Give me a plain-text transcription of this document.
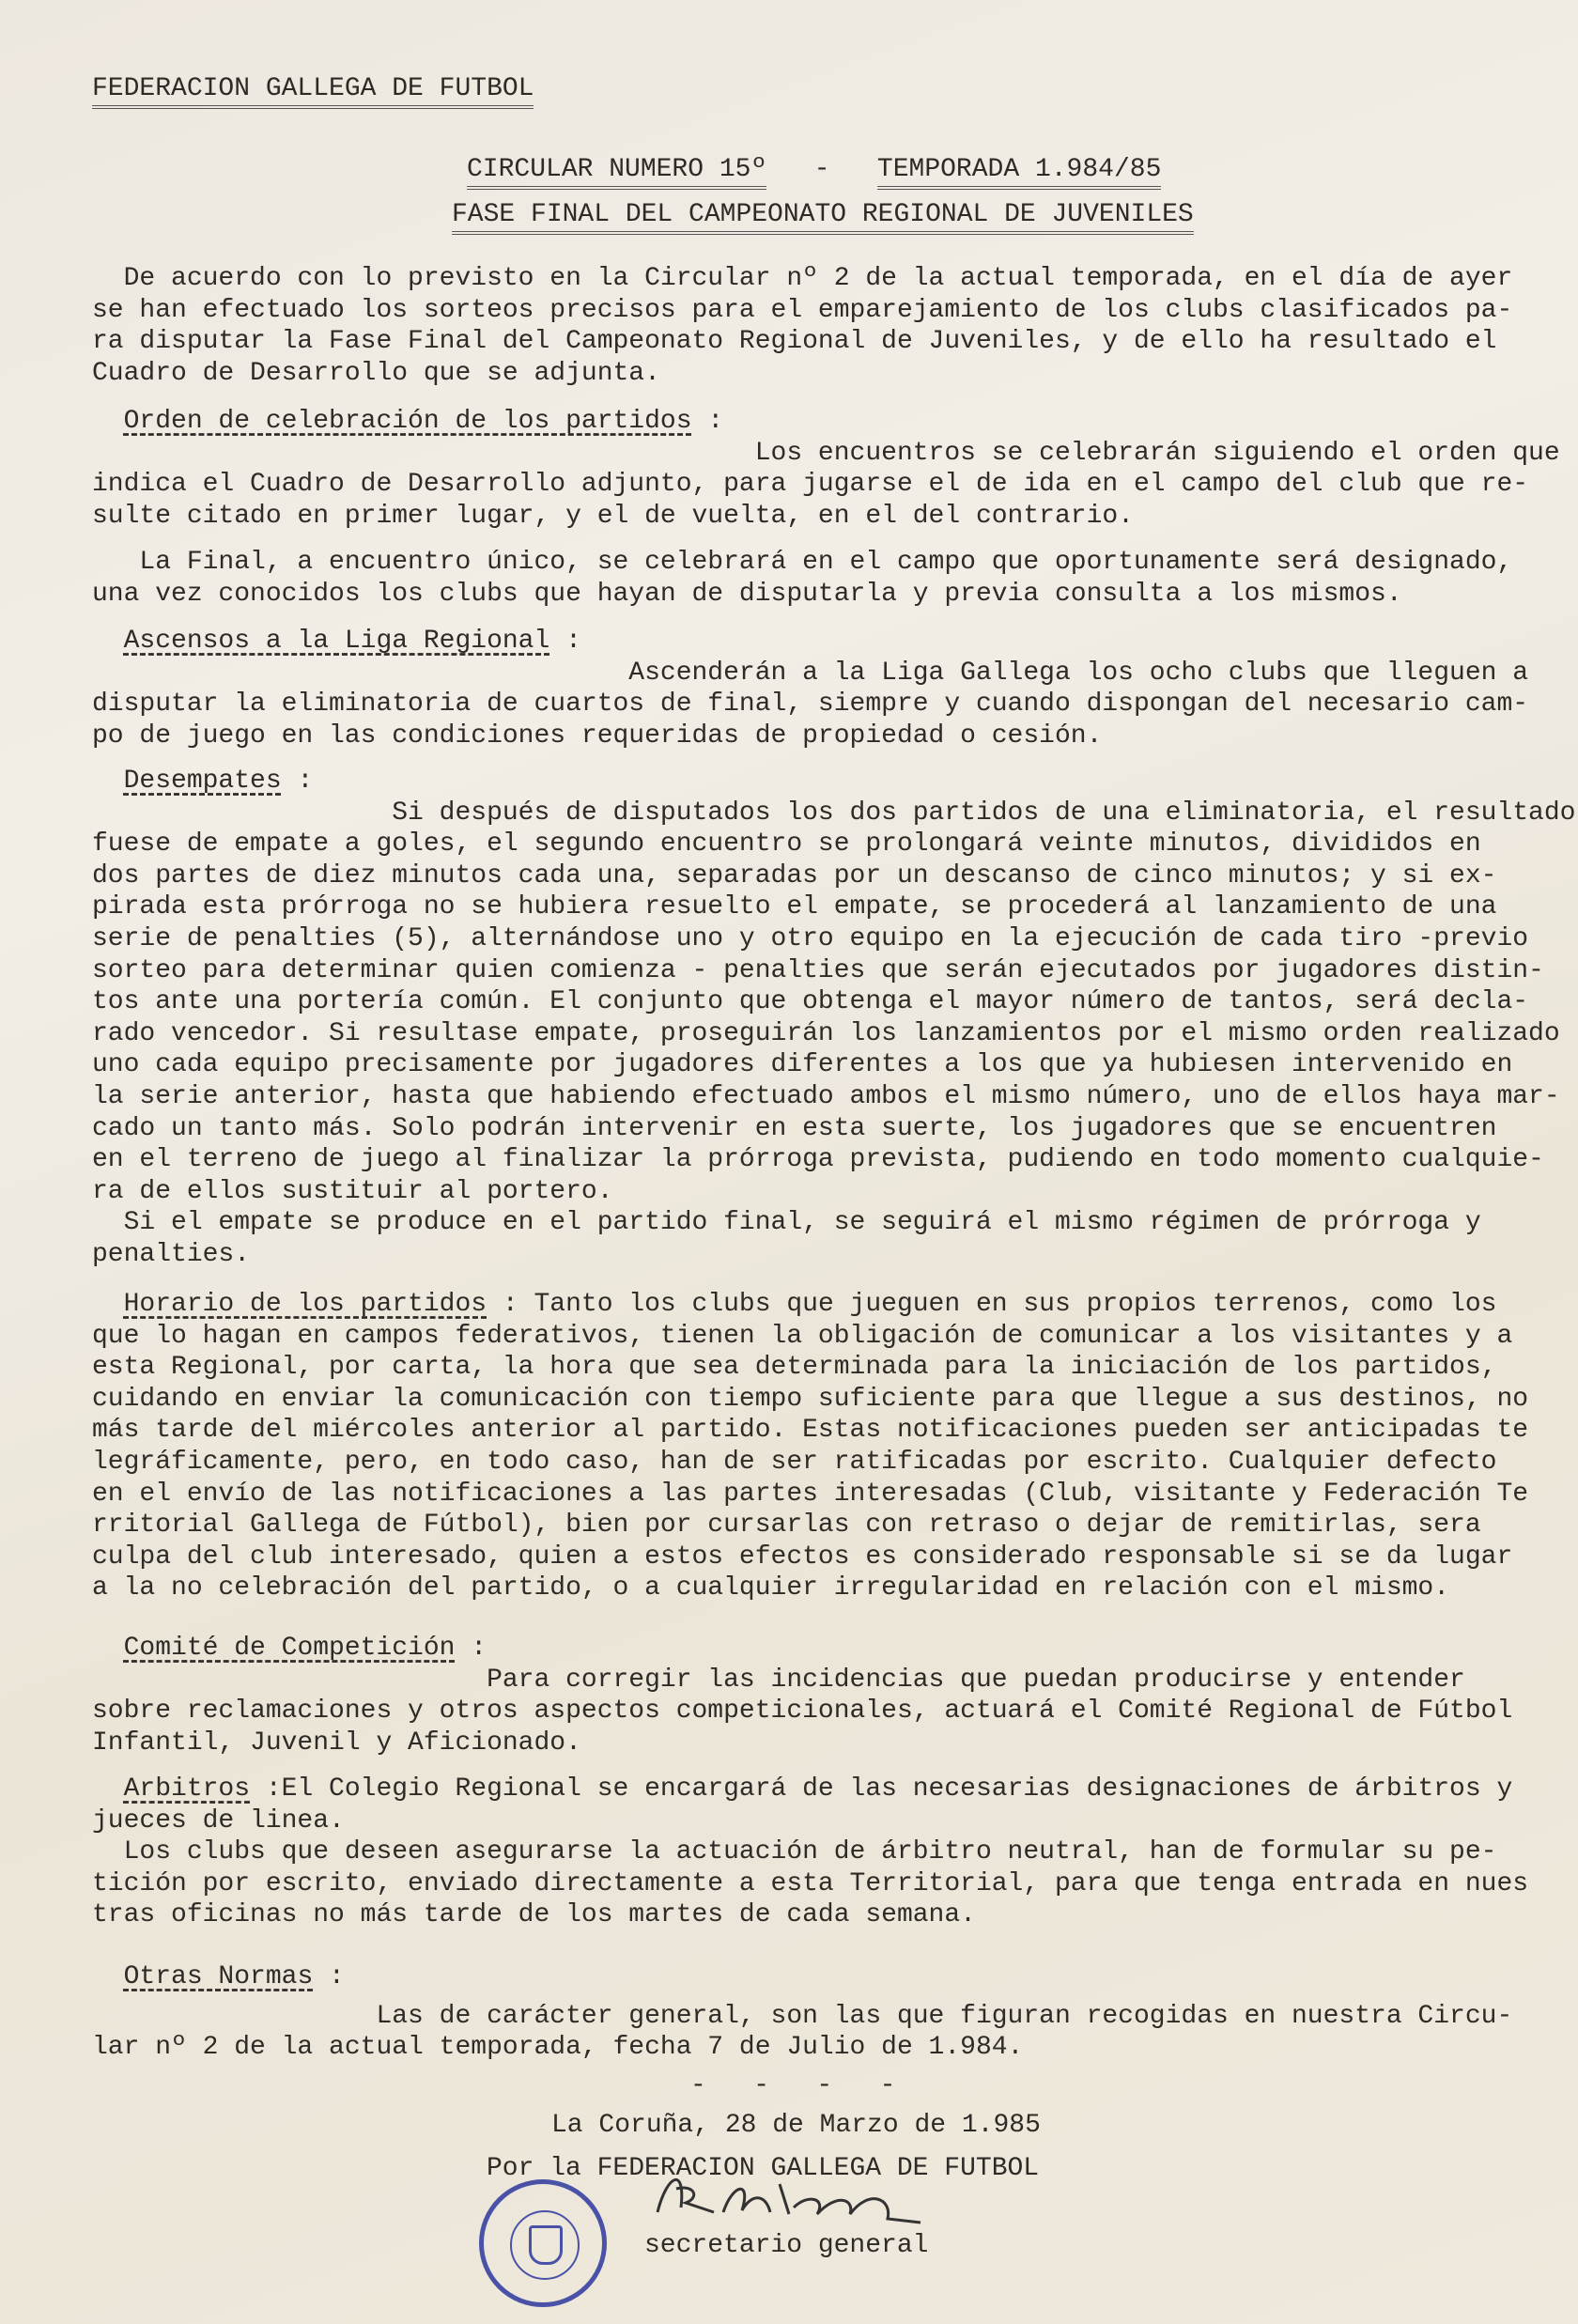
FEDERACION GALLEGA DE FUTBOL
CIRCULAR NUMERO 15º - TEMPORADA 1.984/85
FASE FINAL DEL CAMPEONATO REGIONAL DE JUVENILES
De acuerdo con lo previsto en la Circular nº 2 de la actual temporada, en el día de ayer
se han efectuado los sorteos precisos para el emparejamiento de los clubs clasificados pa-
ra disputar la Fase Final del Campeonato Regional de Juveniles, y de ello ha resultado el
Cuadro de Desarrollo que se adjunta.
Orden de celebración de los partidos :
Los encuentros se celebrarán siguiendo el orden que
indica el Cuadro de Desarrollo adjunto, para jugarse el de ida en el campo del club que re-
sulte citado en primer lugar, y el de vuelta, en el del contrario.
La Final, a encuentro único, se celebrará en el campo que oportunamente será designado,
una vez conocidos los clubs que hayan de disputarla y previa consulta a los mismos.
Ascensos a la Liga Regional :
Ascenderán a la Liga Gallega los ocho clubs que lleguen a
disputar la eliminatoria de cuartos de final, siempre y cuando dispongan del necesario cam-
po de juego en las condiciones requeridas de propiedad o cesión.
Desempates :
Si después de disputados los dos partidos de una eliminatoria, el resultado
fuese de empate a goles, el segundo encuentro se prolongará veinte minutos, divididos en
dos partes de diez minutos cada una, separadas por un descanso de cinco minutos; y si ex-
pirada esta prórroga no se hubiera resuelto el empate, se procederá al lanzamiento de una
serie de penalties (5), alternándose uno y otro equipo en la ejecución de cada tiro -previo
sorteo para determinar quien comienza - penalties que serán ejecutados por jugadores distin-
tos ante una portería común. El conjunto que obtenga el mayor número de tantos, será decla-
rado vencedor. Si resultase empate, proseguirán los lanzamientos por el mismo orden realizado
uno cada equipo precisamente por jugadores diferentes a los que ya hubiesen intervenido en
la serie anterior, hasta que habiendo efectuado ambos el mismo número, uno de ellos haya mar-
cado un tanto más. Solo podrán intervenir en esta suerte, los jugadores que se encuentren
en el terreno de juego al finalizar la prórroga prevista, pudiendo en todo momento cualquie-
ra de ellos sustituir al portero.
Si el empate se produce en el partido final, se seguirá el mismo régimen de prórroga y
penalties.
Horario de los partidos : Tanto los clubs que jueguen en sus propios terrenos, como los
que lo hagan en campos federativos, tienen la obligación de comunicar a los visitantes y a
esta Regional, por carta, la hora que sea determinada para la iniciación de los partidos,
cuidando en enviar la comunicación con tiempo suficiente para que llegue a sus destinos, no
más tarde del miércoles anterior al partido. Estas notificaciones pueden ser anticipadas te
legráficamente, pero, en todo caso, han de ser ratificadas por escrito. Cualquier defecto
en el envío de las notificaciones a las partes interesadas (Club, visitante y Federación Te
rritorial Gallega de Fútbol), bien por cursarlas con retraso o dejar de remitirlas, sera
culpa del club interesado, quien a estos efectos es considerado responsable si se da lugar
a la no celebración del partido, o a cualquier irregularidad en relación con el mismo.
Comité de Competición :
Para corregir las incidencias que puedan producirse y entender
sobre reclamaciones y otros aspectos competicionales, actuará el Comité Regional de Fútbol
Infantil, Juvenil y Aficionado.
Arbitros :El Colegio Regional se encargará de las necesarias designaciones de árbitros y
jueces de linea.
Los clubs que deseen asegurarse la actuación de árbitro neutral, han de formular su pe-
tición por escrito, enviado directamente a esta Territorial, para que tenga entrada en nues
tras oficinas no más tarde de los martes de cada semana.
Otras Normas :
Las de carácter general, son las que figuran recogidas en nuestra Circu-
lar nº 2 de la actual temporada, fecha 7 de Julio de 1.984.
-   -   -   -
La Coruña, 28 de Marzo de 1.985
Por la FEDERACION GALLEGA DE FUTBOL
secretario general
